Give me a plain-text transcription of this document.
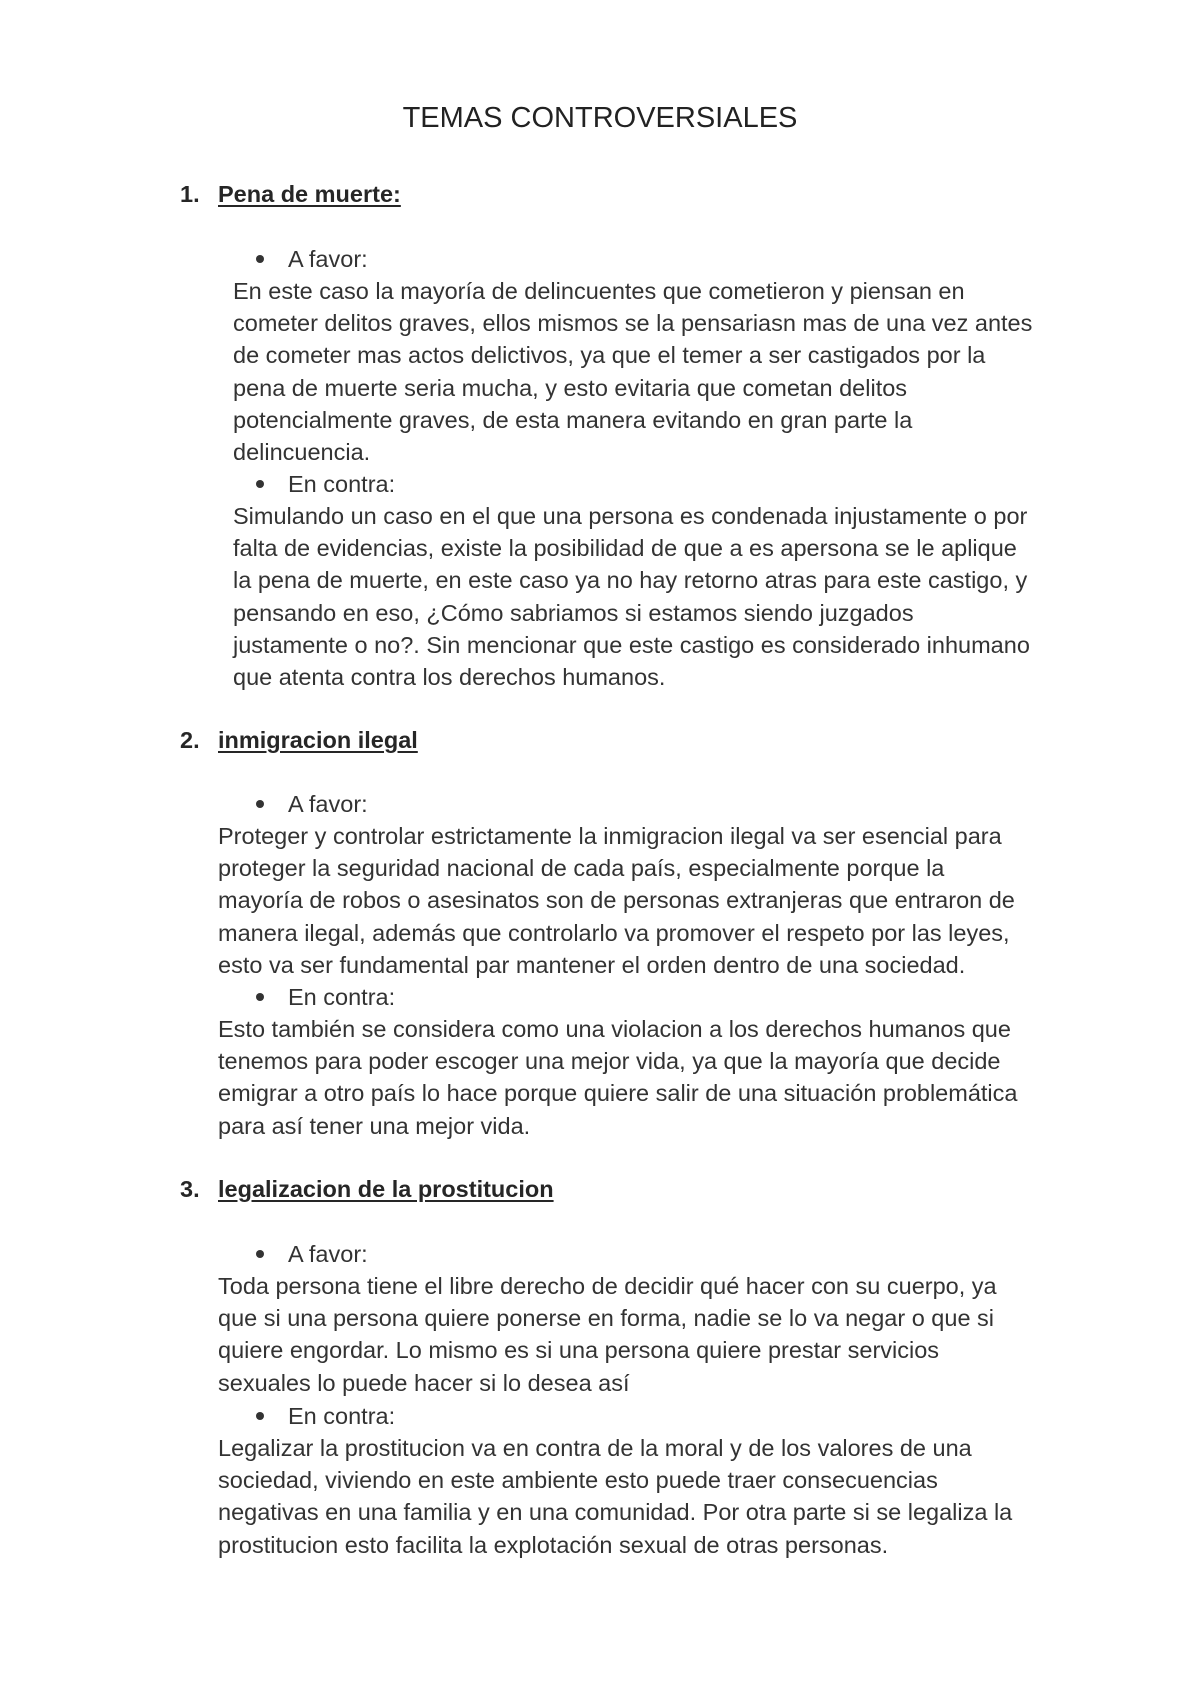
TEMAS CONTROVERSIALES
1. Pena de muerte:
A favor:
En este caso la mayoría de delincuentes que cometieron y piensan en
cometer delitos graves, ellos mismos se la pensariasn mas de una vez antes
de cometer mas actos delictivos, ya que el temer a ser castigados por la
pena de muerte seria mucha, y esto evitaria que cometan delitos
potencialmente graves, de esta manera evitando en gran parte la
delincuencia.
En contra:
Simulando un caso en el que una persona es condenada injustamente o por
falta de evidencias, existe la posibilidad de que a es apersona se le aplique
la pena de muerte, en este caso ya no hay retorno atras para este castigo, y
pensando en eso, ¿Cómo sabriamos si estamos siendo juzgados
justamente o no?. Sin mencionar que este castigo es considerado inhumano
que atenta contra los derechos humanos.
2. inmigracion ilegal
A favor:
Proteger y controlar estrictamente la inmigracion ilegal va ser esencial para
proteger la seguridad nacional de cada país, especialmente porque la
mayoría de robos o asesinatos son de personas extranjeras que entraron de
manera ilegal, además que controlarlo va promover el respeto por las leyes,
esto va ser fundamental par mantener el orden dentro de una sociedad.
En contra:
Esto también se considera como una violacion a los derechos humanos que
tenemos para poder escoger una mejor vida, ya que la mayoría que decide
emigrar a otro país lo hace porque quiere salir de una situación problemática
para así tener una mejor vida.
3. legalizacion de la prostitucion
A favor:
Toda persona tiene el libre derecho de decidir qué hacer con su cuerpo, ya
que si una persona quiere ponerse en forma, nadie se lo va negar o que si
quiere engordar. Lo mismo es si una persona quiere prestar servicios
sexuales lo puede hacer si lo desea así
En contra:
Legalizar la prostitucion va en contra de la moral y de los valores de una
sociedad, viviendo en este ambiente esto puede traer consecuencias
negativas en una familia y en una comunidad. Por otra parte si se legaliza la
prostitucion esto facilita la explotación sexual de otras personas.
